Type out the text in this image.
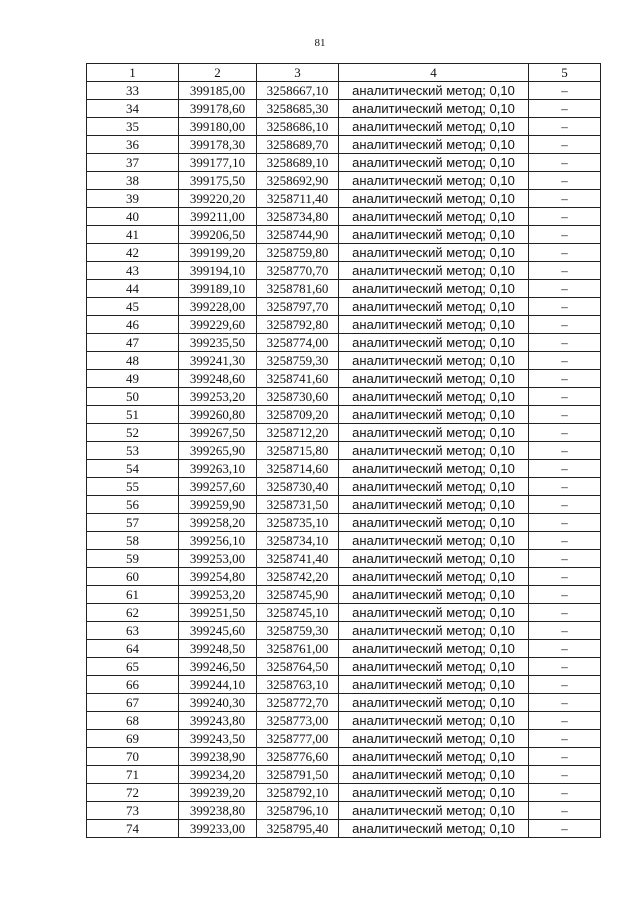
81
1	2	3	4	5
33	399185,00	3258667,10	аналитический метод; 0,10	–
34	399178,60	3258685,30	аналитический метод; 0,10	–
35	399180,00	3258686,10	аналитический метод; 0,10	–
36	399178,30	3258689,70	аналитический метод; 0,10	–
37	399177,10	3258689,10	аналитический метод; 0,10	–
38	399175,50	3258692,90	аналитический метод; 0,10	–
39	399220,20	3258711,40	аналитический метод; 0,10	–
40	399211,00	3258734,80	аналитический метод; 0,10	–
41	399206,50	3258744,90	аналитический метод; 0,10	–
42	399199,20	3258759,80	аналитический метод; 0,10	–
43	399194,10	3258770,70	аналитический метод; 0,10	–
44	399189,10	3258781,60	аналитический метод; 0,10	–
45	399228,00	3258797,70	аналитический метод; 0,10	–
46	399229,60	3258792,80	аналитический метод; 0,10	–
47	399235,50	3258774,00	аналитический метод; 0,10	–
48	399241,30	3258759,30	аналитический метод; 0,10	–
49	399248,60	3258741,60	аналитический метод; 0,10	–
50	399253,20	3258730,60	аналитический метод; 0,10	–
51	399260,80	3258709,20	аналитический метод; 0,10	–
52	399267,50	3258712,20	аналитический метод; 0,10	–
53	399265,90	3258715,80	аналитический метод; 0,10	–
54	399263,10	3258714,60	аналитический метод; 0,10	–
55	399257,60	3258730,40	аналитический метод; 0,10	–
56	399259,90	3258731,50	аналитический метод; 0,10	–
57	399258,20	3258735,10	аналитический метод; 0,10	–
58	399256,10	3258734,10	аналитический метод; 0,10	–
59	399253,00	3258741,40	аналитический метод; 0,10	–
60	399254,80	3258742,20	аналитический метод; 0,10	–
61	399253,20	3258745,90	аналитический метод; 0,10	–
62	399251,50	3258745,10	аналитический метод; 0,10	–
63	399245,60	3258759,30	аналитический метод; 0,10	–
64	399248,50	3258761,00	аналитический метод; 0,10	–
65	399246,50	3258764,50	аналитический метод; 0,10	–
66	399244,10	3258763,10	аналитический метод; 0,10	–
67	399240,30	3258772,70	аналитический метод; 0,10	–
68	399243,80	3258773,00	аналитический метод; 0,10	–
69	399243,50	3258777,00	аналитический метод; 0,10	–
70	399238,90	3258776,60	аналитический метод; 0,10	–
71	399234,20	3258791,50	аналитический метод; 0,10	–
72	399239,20	3258792,10	аналитический метод; 0,10	–
73	399238,80	3258796,10	аналитический метод; 0,10	–
74	399233,00	3258795,40	аналитический метод; 0,10	–
